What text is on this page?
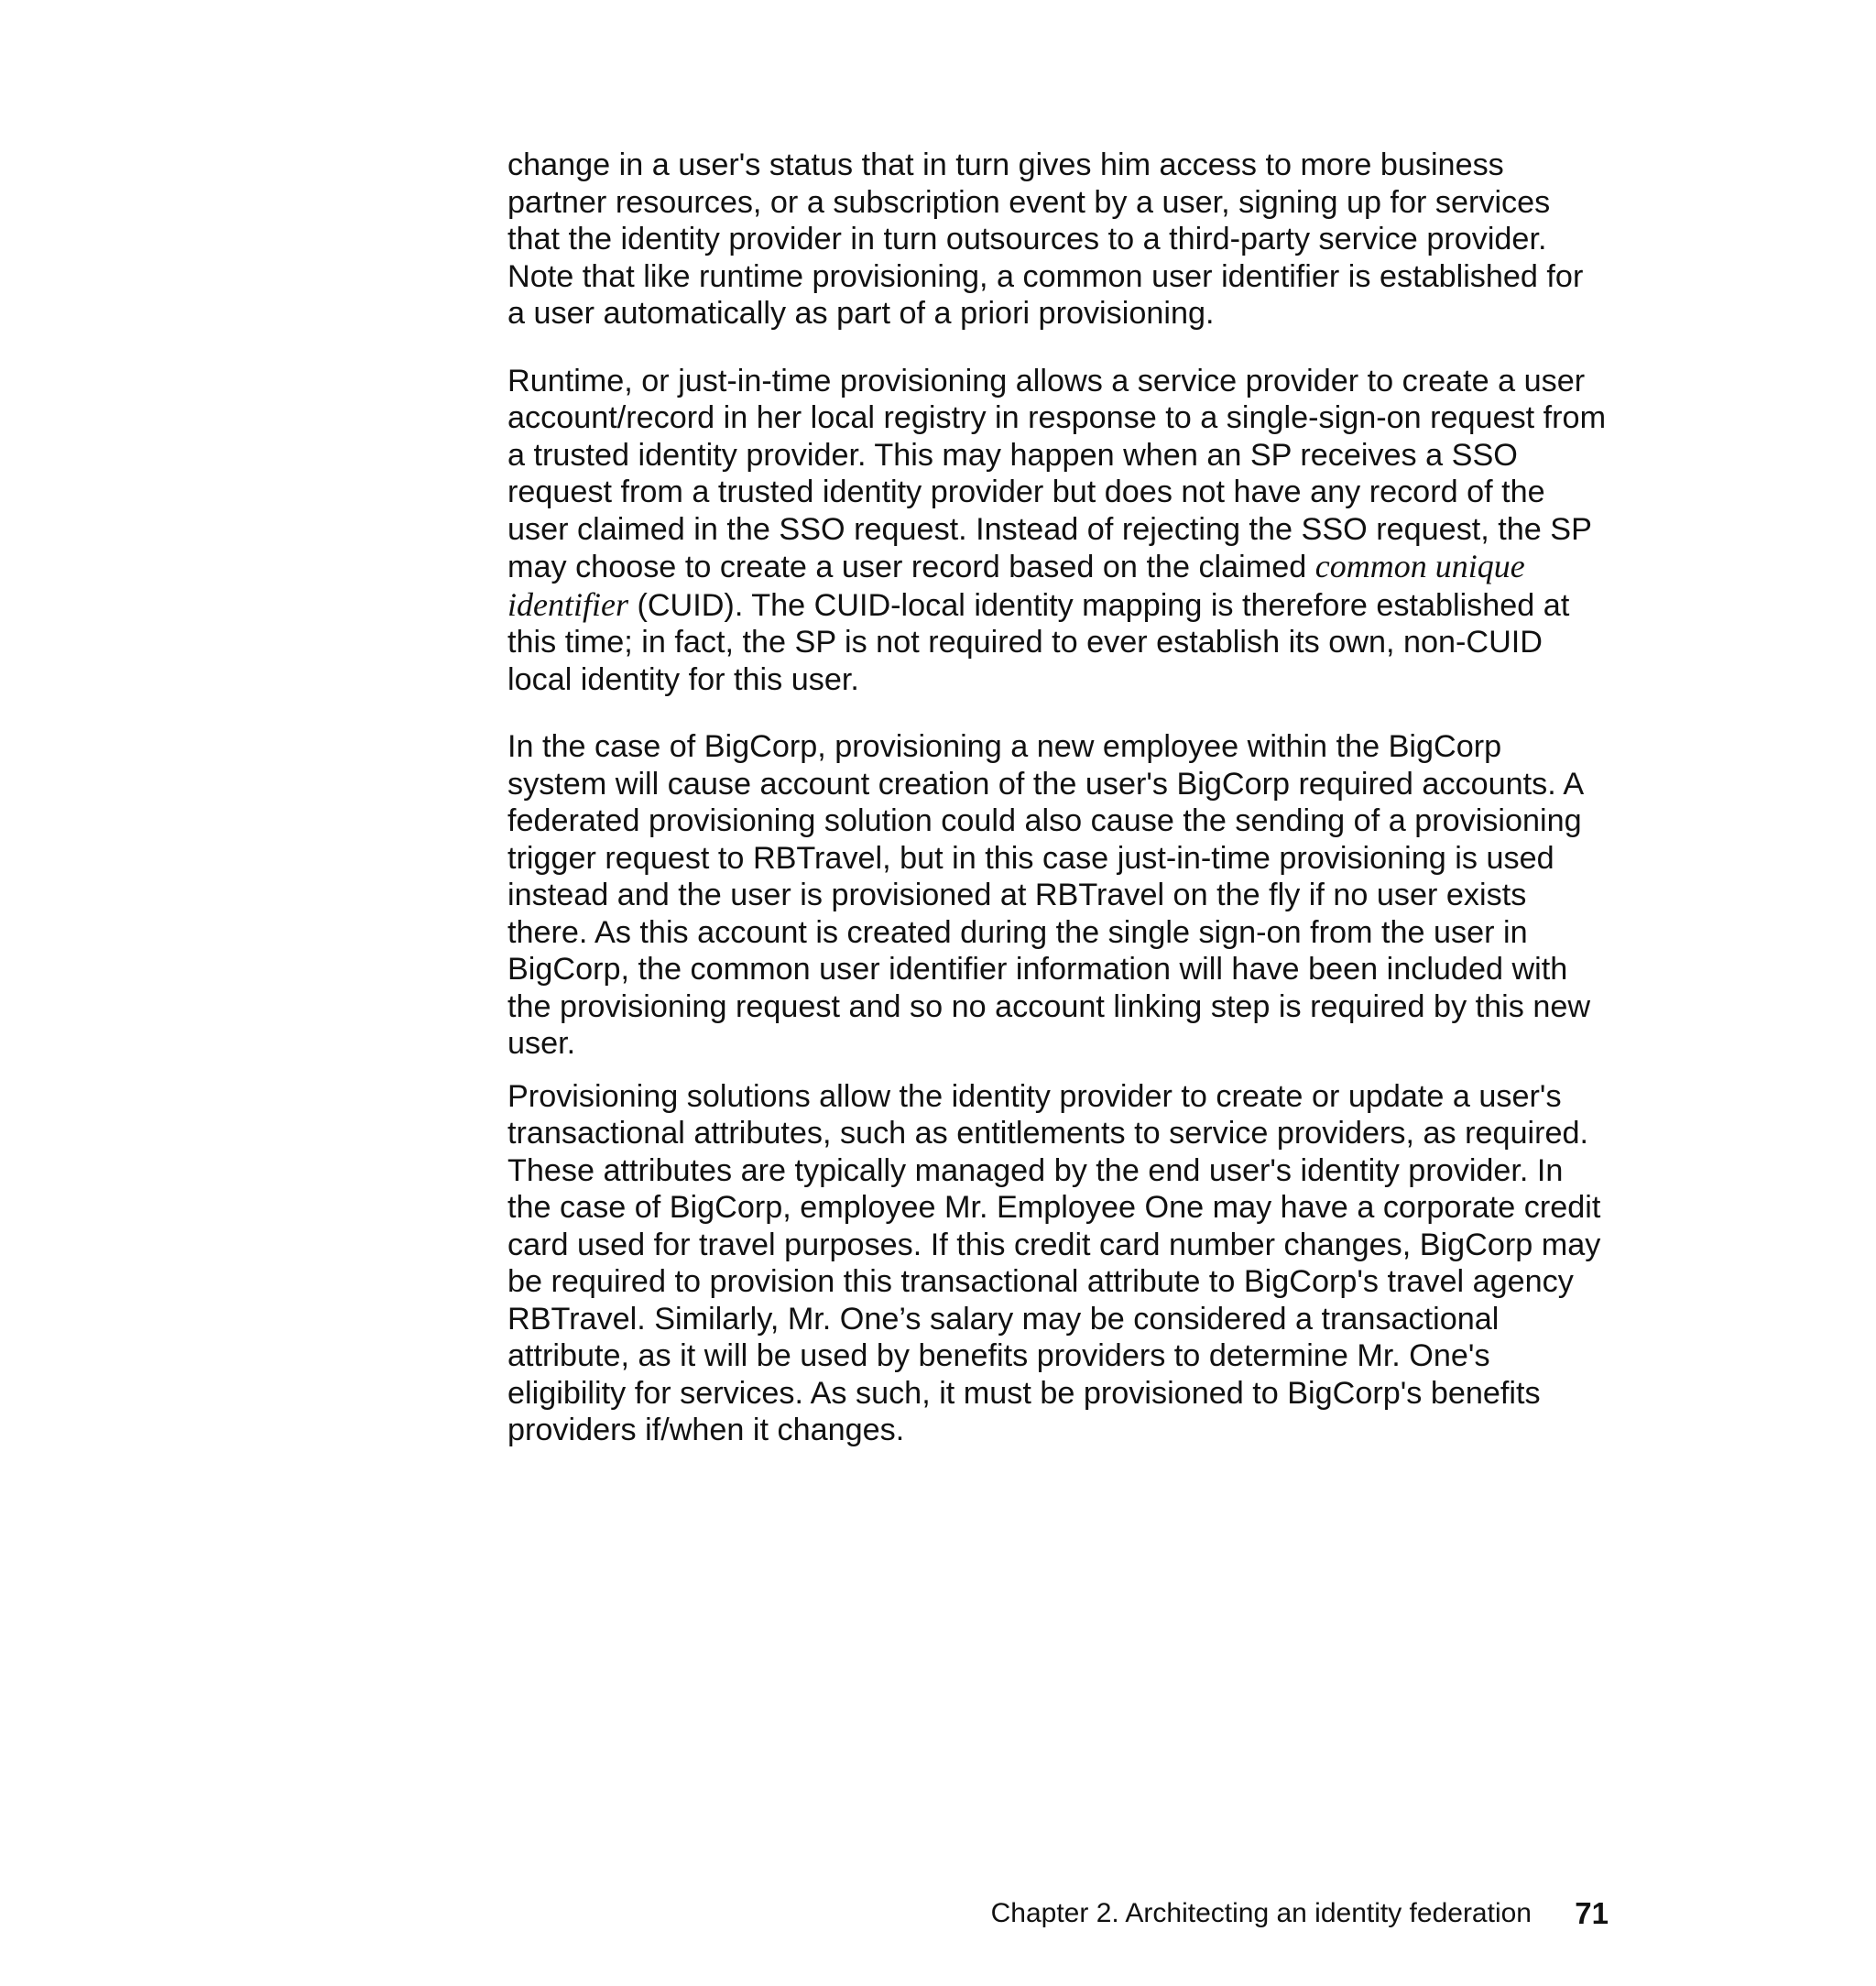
change in a user's status that in turn gives him access to more business partner resources, or a subscription event by a user, signing up for services that the identity provider in turn outsources to a third-party service provider. Note that like runtime provisioning, a common user identifier is established for a user automatically as part of a priori provisioning.

Runtime, or just-in-time provisioning allows a service provider to create a user account/record in her local registry in response to a single-sign-on request from a trusted identity provider. This may happen when an SP receives a SSO request from a trusted identity provider but does not have any record of the user claimed in the SSO request. Instead of rejecting the SSO request, the SP may choose to create a user record based on the claimed common unique identifier (CUID). The CUID-local identity mapping is therefore established at this time; in fact, the SP is not required to ever establish its own, non-CUID local identity for this user.

In the case of BigCorp, provisioning a new employee within the BigCorp system will cause account creation of the user's BigCorp required accounts. A federated provisioning solution could also cause the sending of a provisioning trigger request to RBTravel, but in this case just-in-time provisioning is used instead and the user is provisioned at RBTravel on the fly if no user exists there. As this account is created during the single sign-on from the user in BigCorp, the common user identifier information will have been included with the provisioning request and so no account linking step is required by this new user.

Provisioning solutions allow the identity provider to create or update a user's transactional attributes, such as entitlements to service providers, as required. These attributes are typically managed by the end user's identity provider. In the case of BigCorp, employee Mr. Employee One may have a corporate credit card used for travel purposes. If this credit card number changes, BigCorp may be required to provision this transactional attribute to BigCorp's travel agency RBTravel. Similarly, Mr. One’s salary may be considered a transactional attribute, as it will be used by benefits providers to determine Mr. One's eligibility for services. As such, it must be provisioned to BigCorp's benefits providers if/when it changes.

Chapter 2. Architecting an identity federation 71
